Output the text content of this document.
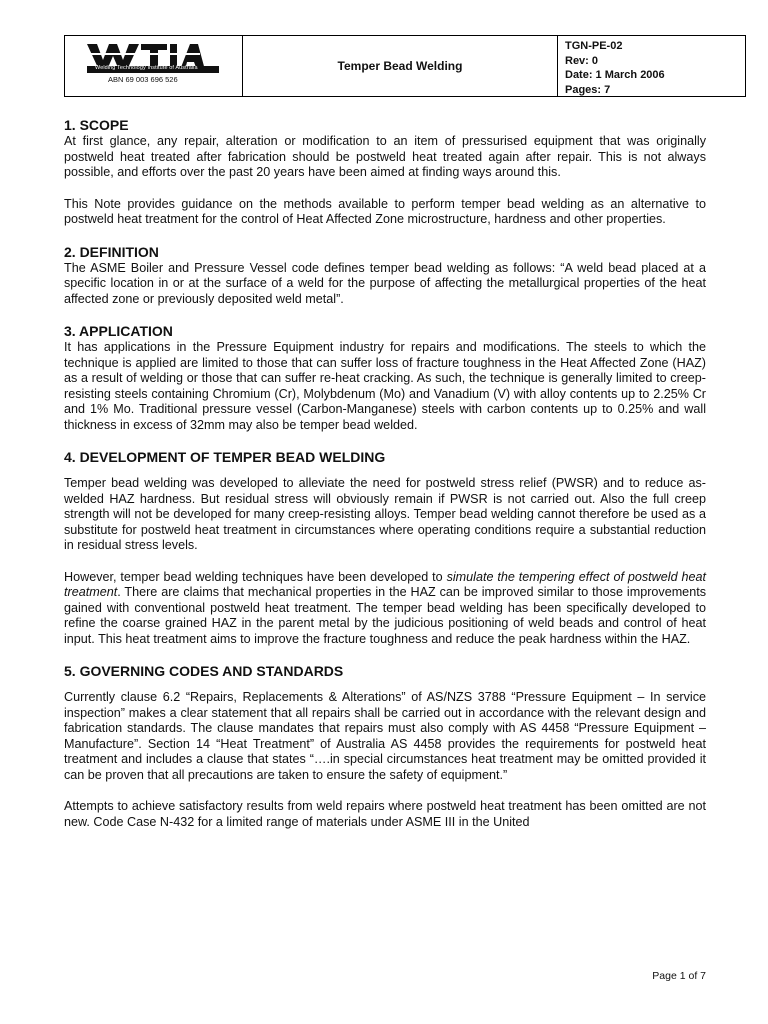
Welding Technology Institute of Australia
ABN 69 003 696 526
Temper Bead Welding
TGN-PE-02
Rev: 0
Date: 1 March 2006
Pages: 7
1. SCOPE

At first glance, any repair, alteration or modification to an item of pressurised equipment that was originally postweld heat treated after fabrication should be postweld heat treated again after repair. This is not always possible, and efforts over the past 20 years have been aimed at finding ways around this.

This Note provides guidance on the methods available to perform temper bead welding as an alternative to postweld heat treatment for the control of Heat Affected Zone microstructure, hardness and other properties.

2. DEFINITION

The ASME Boiler and Pressure Vessel code defines temper bead welding as follows: “A weld bead placed at a specific location in or at the surface of a weld for the purpose of affecting the metallurgical properties of the heat affected zone or previously deposited weld metal”.

3. APPLICATION

It has applications in the Pressure Equipment industry for repairs and modifications. The steels to which the technique is applied are limited to those that can suffer loss of fracture toughness in the Heat Affected Zone (HAZ) as a result of welding or those that can suffer re-heat cracking. As such, the technique is generally limited to creep-resisting steels containing Chromium (Cr), Molybdenum (Mo) and Vanadium (V) with alloy contents up to 2.25% Cr and 1% Mo. Traditional pressure vessel (Carbon-Manganese) steels with carbon contents up to 0.25% and wall thickness in excess of 32mm may also be temper bead welded.

4. DEVELOPMENT OF TEMPER BEAD WELDING

Temper bead welding was developed to alleviate the need for postweld stress relief (PWSR) and to reduce as-welded HAZ hardness. But residual stress will obviously remain if PWSR is not carried out. Also the full creep strength will not be developed for many creep-resisting alloys. Temper bead welding cannot therefore be used as a substitute for postweld heat treatment in circumstances where operating conditions require a substantial reduction in residual stress levels.

However, temper bead welding techniques have been developed to simulate the tempering effect of postweld heat treatment. There are claims that mechanical properties in the HAZ can be improved similar to those improvements gained with conventional postweld heat treatment. The temper bead welding has been specifically developed to refine the coarse grained HAZ in the parent metal by the judicious positioning of weld beads and control of heat input. This heat treatment aims to improve the fracture toughness and reduce the peak hardness within the HAZ.

5. GOVERNING CODES AND STANDARDS

Currently clause 6.2 “Repairs, Replacements & Alterations” of AS/NZS 3788 “Pressure Equipment – In service inspection” makes a clear statement that all repairs shall be carried out in accordance with the relevant design and fabrication standards. The clause mandates that repairs must also comply with AS 4458 “Pressure Equipment – Manufacture”. Section 14 “Heat Treatment” of Australia AS 4458 provides the requirements for postweld heat treatment and includes a clause that states “….in special circumstances heat treatment may be omitted provided it can be proven that all precautions are taken to ensure the safety of equipment.”

Attempts to achieve satisfactory results from weld repairs where postweld heat treatment has been omitted are not new. Code Case N-432 for a limited range of materials under ASME III in the United

Page 1 of 7
